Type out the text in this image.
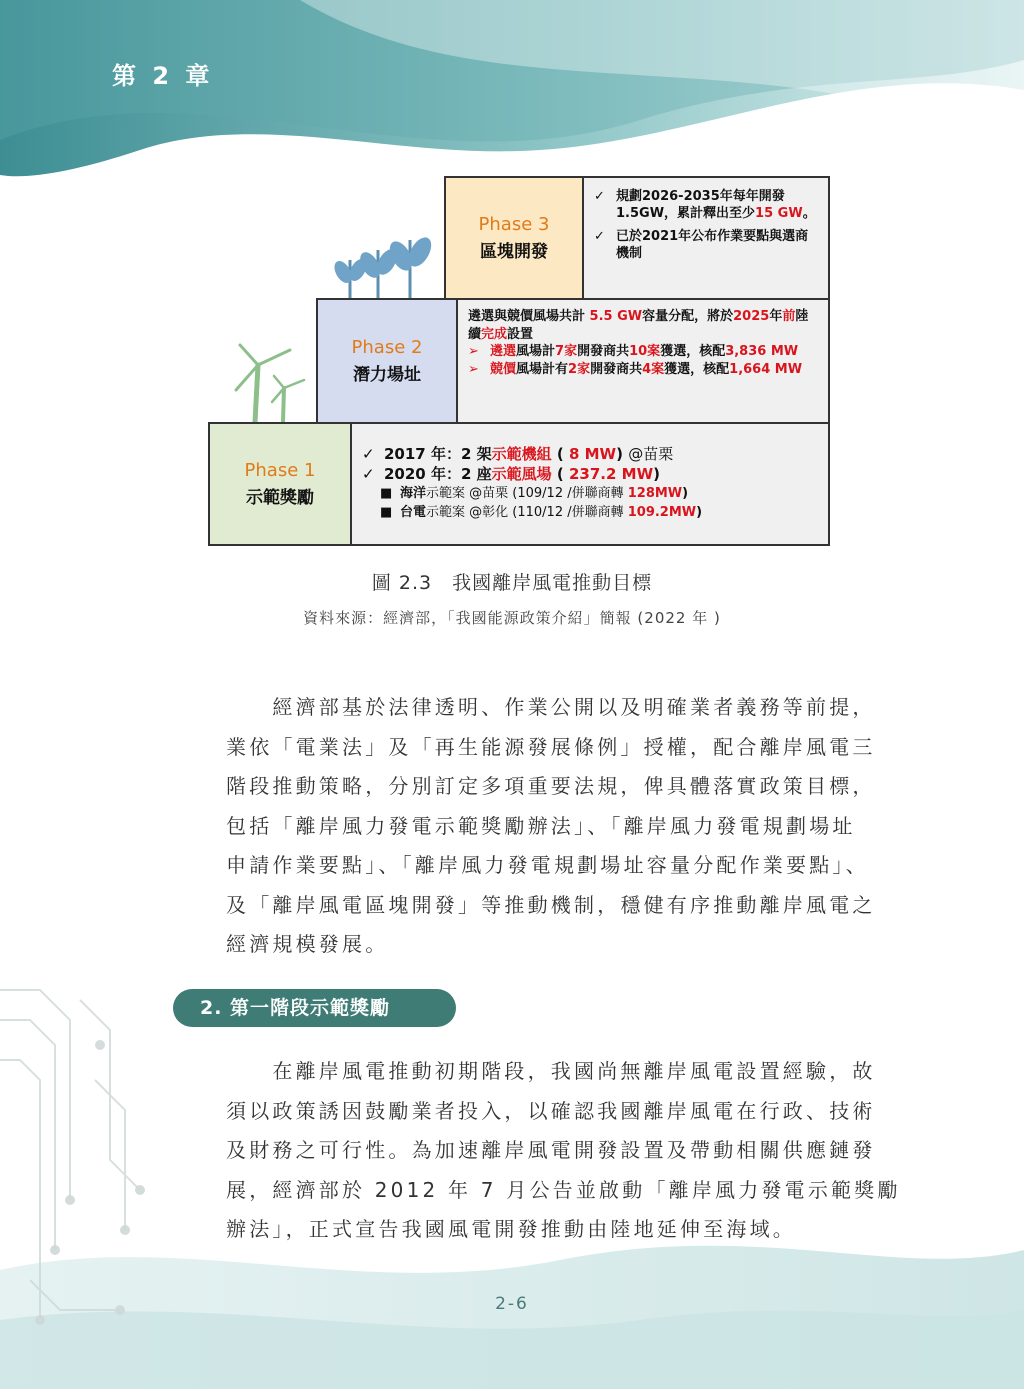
第 2 章
Phase 3
區塊開發
✓ 規劃2026-2035年每年開發1.5GW，累計釋出至少15 GW。
✓ 已於2021年公布作業要點與選商機制
Phase 2
潛力場址
遴選與競價風場共計 5.5 GW容量分配，將於2025年前陸續完成設置
➢ 遴選風場計7家開發商共10案獲選，核配3,836 MW
➢ 競價風場計有2家開發商共4案獲選，核配1,664 MW
Phase 1
示範獎勵
✓ 2017 年：2 架示範機組 ( 8 MW) @苗栗
✓ 2020 年：2 座示範風場 ( 237.2 MW)
■ 海洋示範案 @苗栗 (109/12 /併聯商轉 128MW)
■ 台電示範案 @彰化 (110/12 /併聯商轉 109.2MW)
圖 2.3　我國離岸風電推動目標
資料來源：經濟部，「我國能源政策介紹」簡報 (2022 年 )
　　經濟部基於法律透明、作業公開以及明確業者義務等前提，
業依「電業法」及「再生能源發展條例」授權，配合離岸風電三
階段推動策略，分別訂定多項重要法規，俾具體落實政策目標，
包括「離岸風力發電示範獎勵辦法」、「離岸風力發電規劃場址
申請作業要點」、「離岸風力發電規劃場址容量分配作業要點」、
及「離岸風電區塊開發」等推動機制，穩健有序推動離岸風電之
經濟規模發展。
2. 第一階段示範獎勵
　　在離岸風電推動初期階段，我國尚無離岸風電設置經驗，故
須以政策誘因鼓勵業者投入，以確認我國離岸風電在行政、技術
及財務之可行性。為加速離岸風電開發設置及帶動相關供應鏈發
展，經濟部於 2012 年 7 月公告並啟動「離岸風力發電示範獎勵
辦法」，正式宣告我國風電開發推動由陸地延伸至海域。
2-6
